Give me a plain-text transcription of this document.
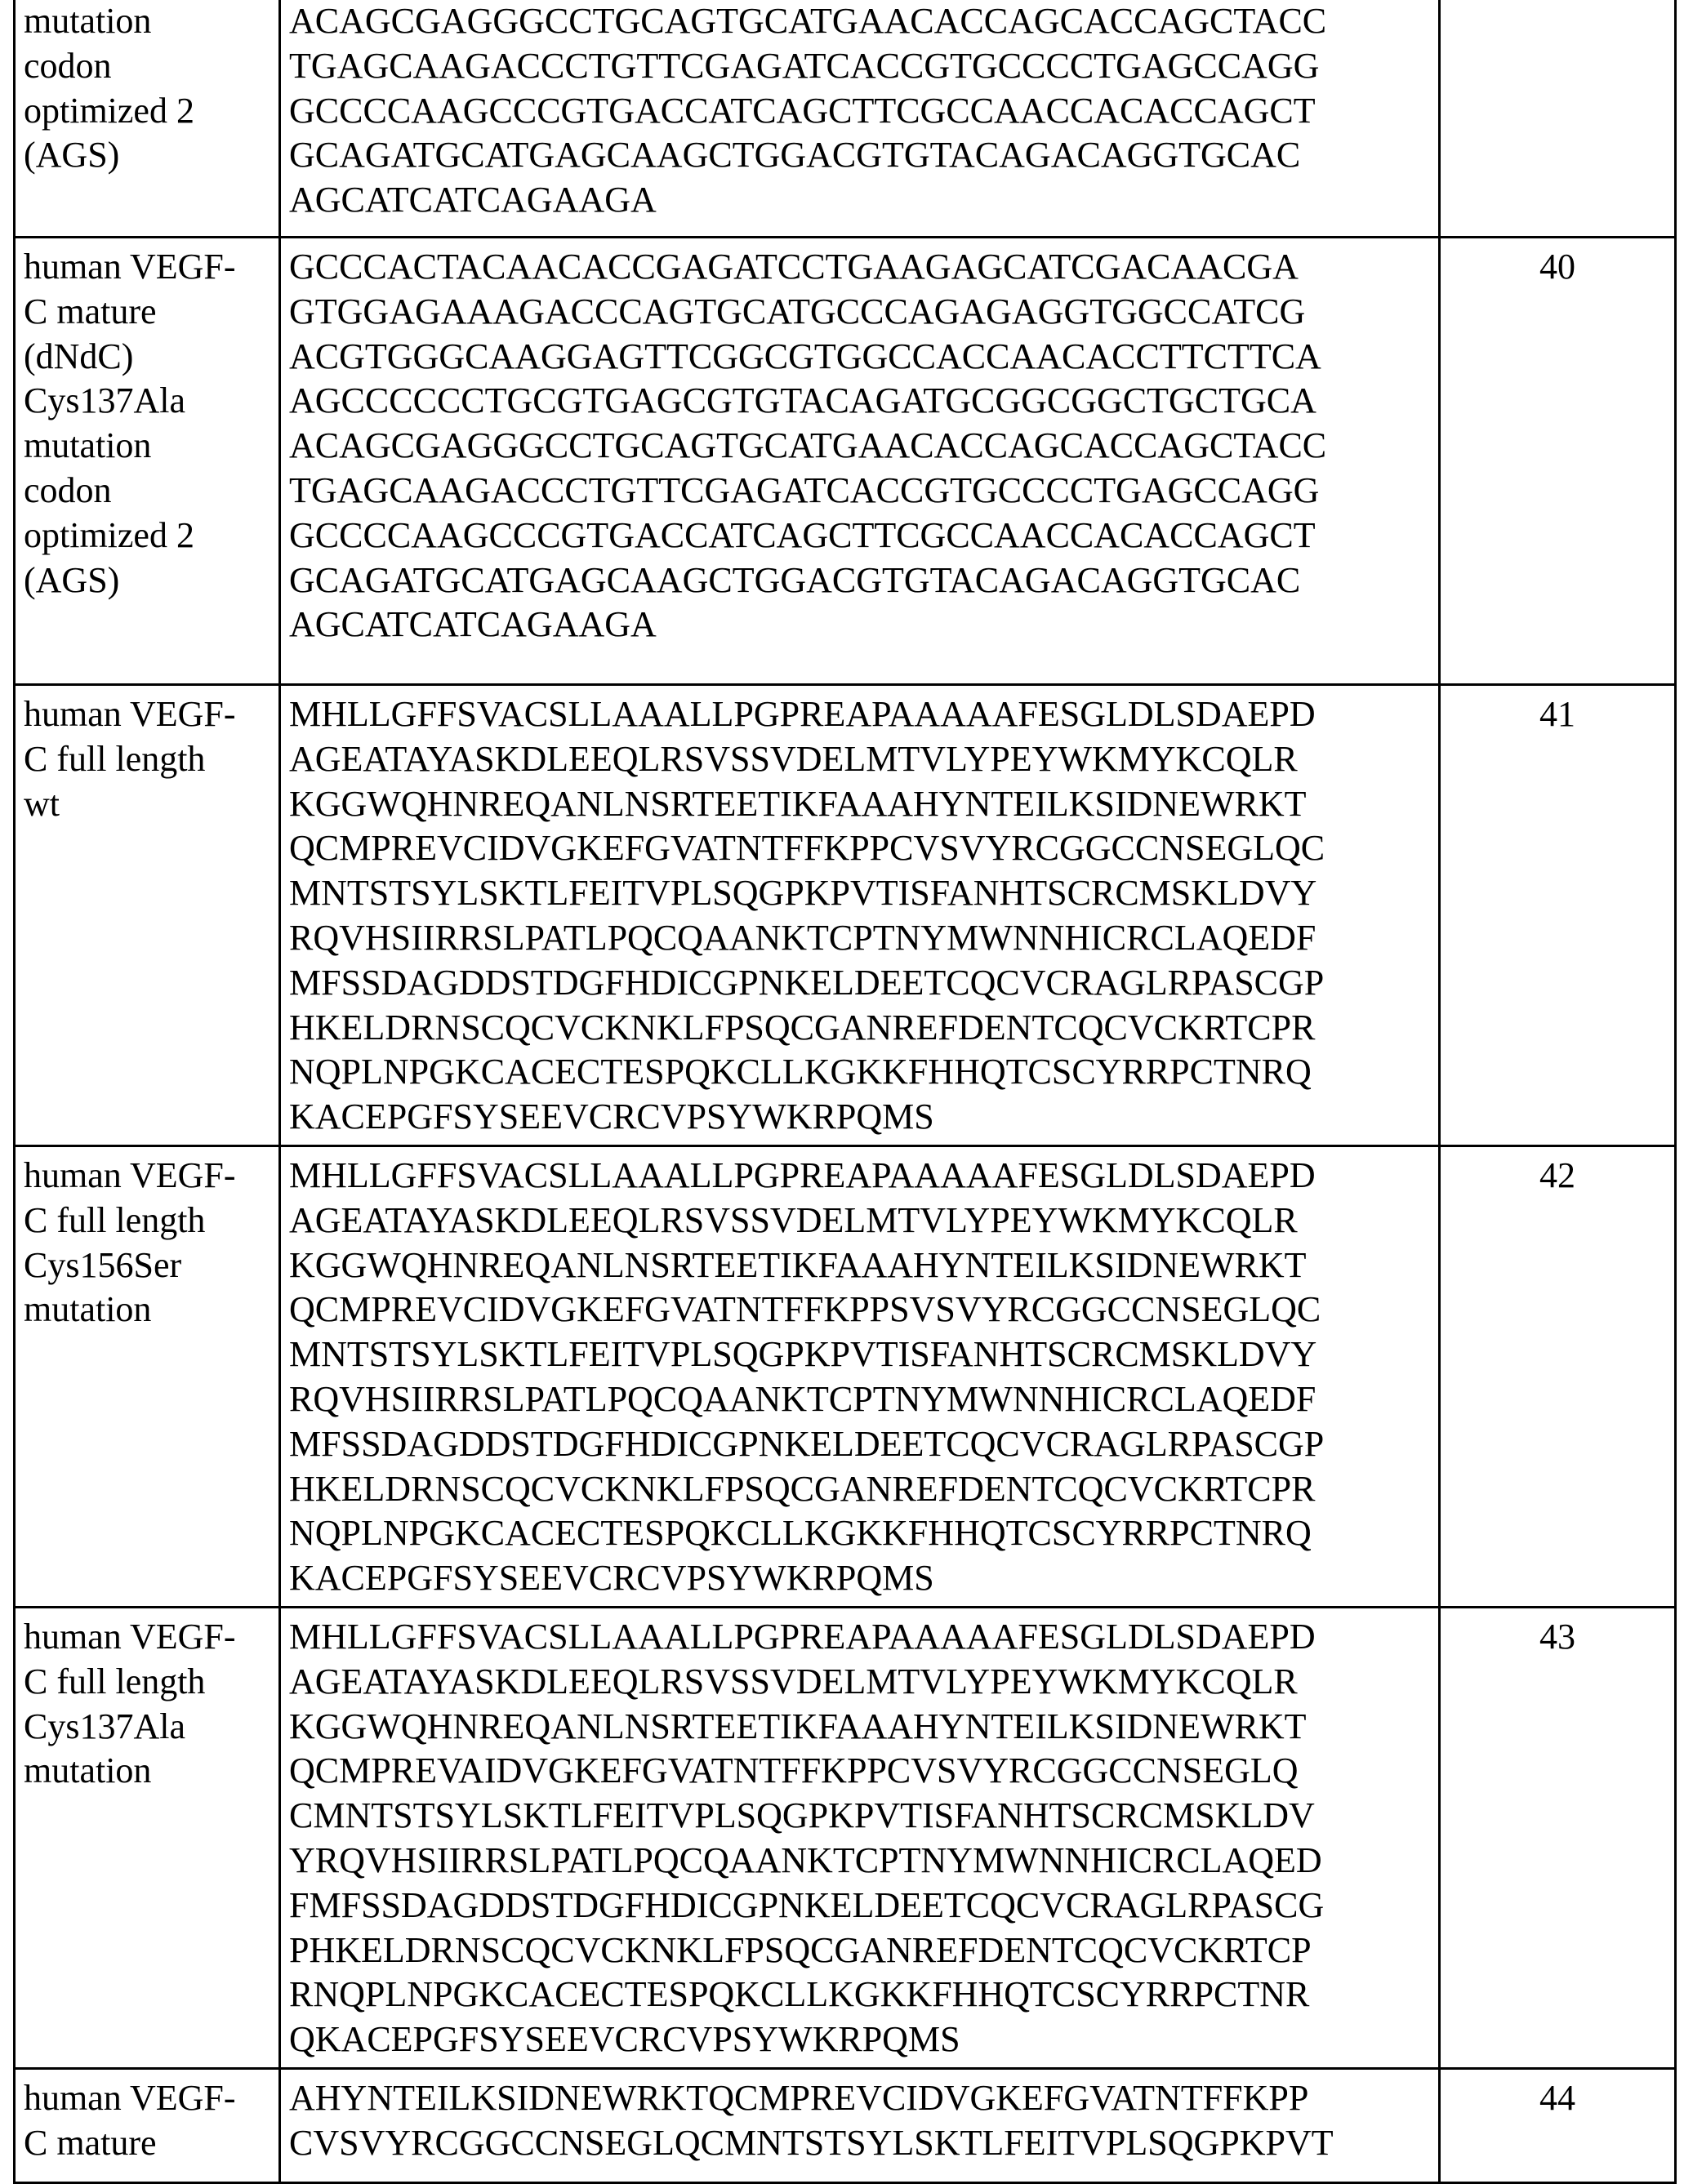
mutation
codon
optimized 2
(AGS)

ACAGCGAGGGCCTGCAGTGCATGAACACCAGCACCAGCTACC
TGAGCAAGACCCTGTTCGAGATCACCGTGCCCCTGAGCCAGG
GCCCCAAGCCCGTGACCATCAGCTTCGCCAACCACACCAGCT
GCAGATGCATGAGCAAGCTGGACGTGTACAGACAGGTGCAC
AGCATCATCAGAAGA

human VEGF-
C mature
(dNdC)
Cys137Ala
mutation
codon
optimized 2
(AGS)

GCCCACTACAACACCGAGATCCTGAAGAGCATCGACAACGA
GTGGAGAAAGACCCAGTGCATGCCCAGAGAGGTGGCCATCG
ACGTGGGCAAGGAGTTCGGCGTGGCCACCAACACCTTCTTCA
AGCCCCCCTGCGTGAGCGTGTACAGATGCGGCGGCTGCTGCA
ACAGCGAGGGCCTGCAGTGCATGAACACCAGCACCAGCTACC
TGAGCAAGACCCTGTTCGAGATCACCGTGCCCCTGAGCCAGG
GCCCCAAGCCCGTGACCATCAGCTTCGCCAACCACACCAGCT
GCAGATGCATGAGCAAGCTGGACGTGTACAGACAGGTGCAC
AGCATCATCAGAAGA

40

human VEGF-
C full length
wt

MHLLGFFSVACSLLAAALLPGPREAPAAAAAFESGLDLSDAEPD
AGEATAYASKDLEEQLRSVSSVDELMTVLYPEYWKMYKCQLR
KGGWQHNREQANLNSRTEETIKFAAAHYNTEILKSIDNEWRKT
QCMPREVCIDVGKEFGVATNTFFKPPCVSVYRCGGCCNSEGLQC
MNTSTSYLSKTLFEITVPLSQGPKPVTISFANHTSCRCMSKLDVY
RQVHSIIRRSLPATLPQCQAANKTCPTNYMWNNHICRCLAQEDF
MFSSDAGDDSTDGFHDICGPNKELDEETCQCVCRAGLRPASCGP
HKELDRNSCQCVCKNKLFPSQCGANREFDENTCQCVCKRTCPR
NQPLNPGKCACECTESPQKCLLKGKKFHHQTCSCYRRPCTNRQ
KACEPGFSYSEEVCRCVPSYWKRPQMS

41

human VEGF-
C full length
Cys156Ser
mutation

MHLLGFFSVACSLLAAALLPGPREAPAAAAAFESGLDLSDAEPD
AGEATAYASKDLEEQLRSVSSVDELMTVLYPEYWKMYKCQLR
KGGWQHNREQANLNSRTEETIKFAAAHYNTEILKSIDNEWRKT
QCMPREVCIDVGKEFGVATNTFFKPPSVSVYRCGGCCNSEGLQC
MNTSTSYLSKTLFEITVPLSQGPKPVTISFANHTSCRCMSKLDVY
RQVHSIIRRSLPATLPQCQAANKTCPTNYMWNNHICRCLAQEDF
MFSSDAGDDSTDGFHDICGPNKELDEETCQCVCRAGLRPASCGP
HKELDRNSCQCVCKNKLFPSQCGANREFDENTCQCVCKRTCPR
NQPLNPGKCACECTESPQKCLLKGKKFHHQTCSCYRRPCTNRQ
KACEPGFSYSEEVCRCVPSYWKRPQMS

42

human VEGF-
C full length
Cys137Ala
mutation

MHLLGFFSVACSLLAAALLPGPREAPAAAAAFESGLDLSDAEPD
AGEATAYASKDLEEQLRSVSSVDELMTVLYPEYWKMYKCQLR
KGGWQHNREQANLNSRTEETIKFAAAHYNTEILKSIDNEWRKT
QCMPREVAIDVGKEFGVATNTFFKPPCVSVYRCGGCCNSEGLQ
CMNTSTSYLSKTLFEITVPLSQGPKPVTISFANHTSCRCMSKLDV
YRQVHSIIRRSLPATLPQCQAANKTCPTNYMWNNHICRCLAQED
FMFSSDAGDDSTDGFHDICGPNKELDEETCQCVCRAGLRPASCG
PHKELDRNSCQCVCKNKLFPSQCGANREFDENTCQCVCKRTCP
RNQPLNPGKCACECTESPQKCLLKGKKFHHQTCSCYRRPCTNR
QKACEPGFSYSEEVCRCVPSYWKRPQMS

43

human VEGF-
C mature

AHYNTEILKSIDNEWRKTQCMPREVCIDVGKEFGVATNTFFKPP
CVSVYRCGGCCNSEGLQCMNTSTSYLSKTLFEITVPLSQGPKPVT

44
